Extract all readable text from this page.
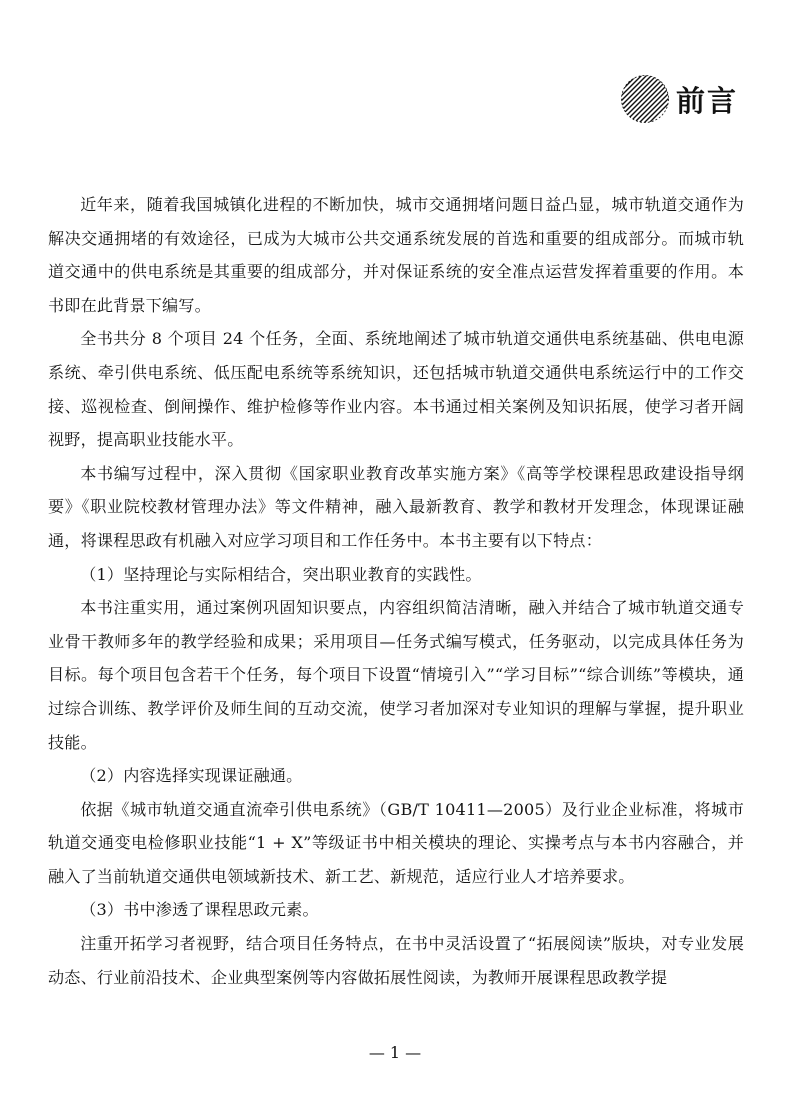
前言

近年来，随着我国城镇化进程的不断加快，城市交通拥堵问题日益凸显，城市轨道交通作为解决交通拥堵的有效途径，已成为大城市公共交通系统发展的首选和重要的组成部分。而城市轨道交通中的供电系统是其重要的组成部分，并对保证系统的安全准点运营发挥着重要的作用。本书即在此背景下编写。

全书共分 8 个项目 24 个任务，全面、系统地阐述了城市轨道交通供电系统基础、供电电源系统、牵引供电系统、低压配电系统等系统知识，还包括城市轨道交通供电系统运行中的工作交接、巡视检查、倒闸操作、维护检修等作业内容。本书通过相关案例及知识拓展，使学习者开阔视野，提高职业技能水平。

本书编写过程中，深入贯彻《国家职业教育改革实施方案》《高等学校课程思政建设指导纲要》《职业院校教材管理办法》等文件精神，融入最新教育、教学和教材开发理念，体现课证融通，将课程思政有机融入对应学习项目和工作任务中。本书主要有以下特点：

（1）坚持理论与实际相结合，突出职业教育的实践性。

本书注重实用，通过案例巩固知识要点，内容组织简洁清晰，融入并结合了城市轨道交通专业骨干教师多年的教学经验和成果；采用项目—任务式编写模式，任务驱动，以完成具体任务为目标。每个项目包含若干个任务，每个项目下设置“情境引入”“学习目标”“综合训练”等模块，通过综合训练、教学评价及师生间的互动交流，使学习者加深对专业知识的理解与掌握，提升职业技能。

（2）内容选择实现课证融通。

依据《城市轨道交通直流牵引供电系统》（GB/T 10411—2005）及行业企业标准，将城市轨道交通变电检修职业技能“1 + X”等级证书中相关模块的理论、实操考点与本书内容融合，并融入了当前轨道交通供电领域新技术、新工艺、新规范，适应行业人才培养要求。

（3）书中渗透了课程思政元素。

注重开拓学习者视野，结合项目任务特点，在书中灵活设置了“拓展阅读”版块，对专业发展动态、行业前沿技术、企业典型案例等内容做拓展性阅读，为教师开展课程思政教学提

— 1 —
